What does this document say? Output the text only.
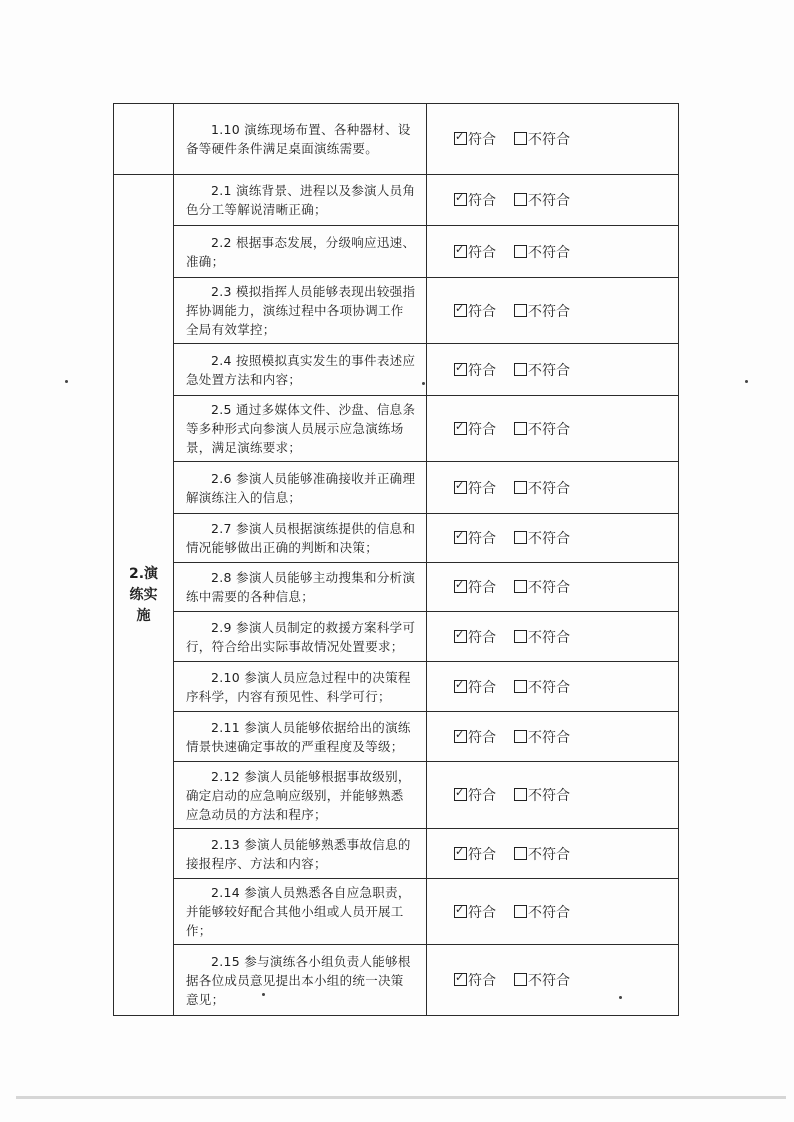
	1.10 演练现场布置、各种器材、设备等硬件条件满足桌面演练需要。	✓符合 不符合
2.演练实施	2.1 演练背景、进程以及参演人员角色分工等解说清晰正确；	✓符合 不符合
	2.2 根据事态发展，分级响应迅速、准确；	✓符合 不符合
	2.3 模拟指挥人员能够表现出较强指挥协调能力，演练过程中各项协调工作全局有效掌控；	✓符合 不符合
	2.4 按照模拟真实发生的事件表述应急处置方法和内容；	✓符合 不符合
	2.5 通过多媒体文件、沙盘、信息条等多种形式向参演人员展示应急演练场景，满足演练要求；	✓符合 不符合
	2.6 参演人员能够准确接收并正确理解演练注入的信息；	✓符合 不符合
	2.7 参演人员根据演练提供的信息和情况能够做出正确的判断和决策；	✓符合 不符合
	2.8 参演人员能够主动搜集和分析演练中需要的各种信息；	✓符合 不符合
	2.9 参演人员制定的救援方案科学可行，符合给出实际事故情况处置要求；	✓符合 不符合
	2.10 参演人员应急过程中的决策程序科学，内容有预见性、科学可行；	✓符合 不符合
	2.11 参演人员能够依据给出的演练情景快速确定事故的严重程度及等级；	✓符合 不符合
	2.12 参演人员能够根据事故级别，确定启动的应急响应级别，并能够熟悉应急动员的方法和程序；	✓符合 不符合
	2.13 参演人员能够熟悉事故信息的接报程序、方法和内容；	✓符合 不符合
	2.14 参演人员熟悉各自应急职责，并能够较好配合其他小组或人员开展工作；	✓符合 不符合
	2.15 参与演练各小组负责人能够根据各位成员意见提出本小组的统一决策意见；	✓符合 不符合
